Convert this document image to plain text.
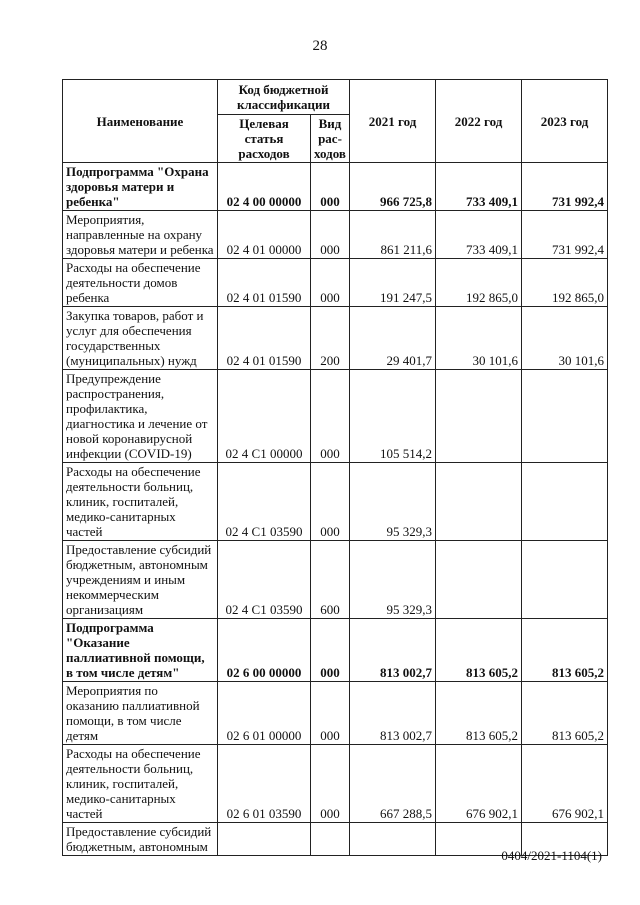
28
Наименование	Код бюджетной классификации		2021 год	2022 год	2023 год
	Целевая статья расходов	Вид рас-ходов			
Подпрограмма "Охрана здоровья матери и ребенка"	02 4 00 00000	000	966 725,8	733 409,1	731 992,4
Мероприятия, направленные на охрану здоровья матери и ребенка	02 4 01 00000	000	861 211,6	733 409,1	731 992,4
Расходы на обеспечение деятельности домов ребенка	02 4 01 01590	000	191 247,5	192 865,0	192 865,0
Закупка товаров, работ и услуг для обеспечения государственных (муниципальных) нужд	02 4 01 01590	200	29 401,7	30 101,6	30 101,6
Предупреждение распространения, профилактика, диагностика и лечение от новой коронавирусной инфекции (COVID-19)	02 4 C1 00000	000	105 514,2		
Расходы на обеспечение деятельности больниц, клиник, госпиталей, медико-санитарных частей	02 4 C1 03590	000	95 329,3		
Предоставление субсидий бюджетным, автономным учреждениям и иным некоммерческим организациям	02 4 C1 03590	600	95 329,3		
Подпрограмма "Оказание паллиативной помощи, в том числе детям"	02 6 00 00000	000	813 002,7	813 605,2	813 605,2
Мероприятия по оказанию паллиативной помощи, в том числе детям	02 6 01 00000	000	813 002,7	813 605,2	813 605,2
Расходы на обеспечение деятельности больниц, клиник, госпиталей, медико-санитарных частей	02 6 01 03590	000	667 288,5	676 902,1	676 902,1
Предоставление субсидий бюджетным, автономным					
0404/2021-1104(1)
